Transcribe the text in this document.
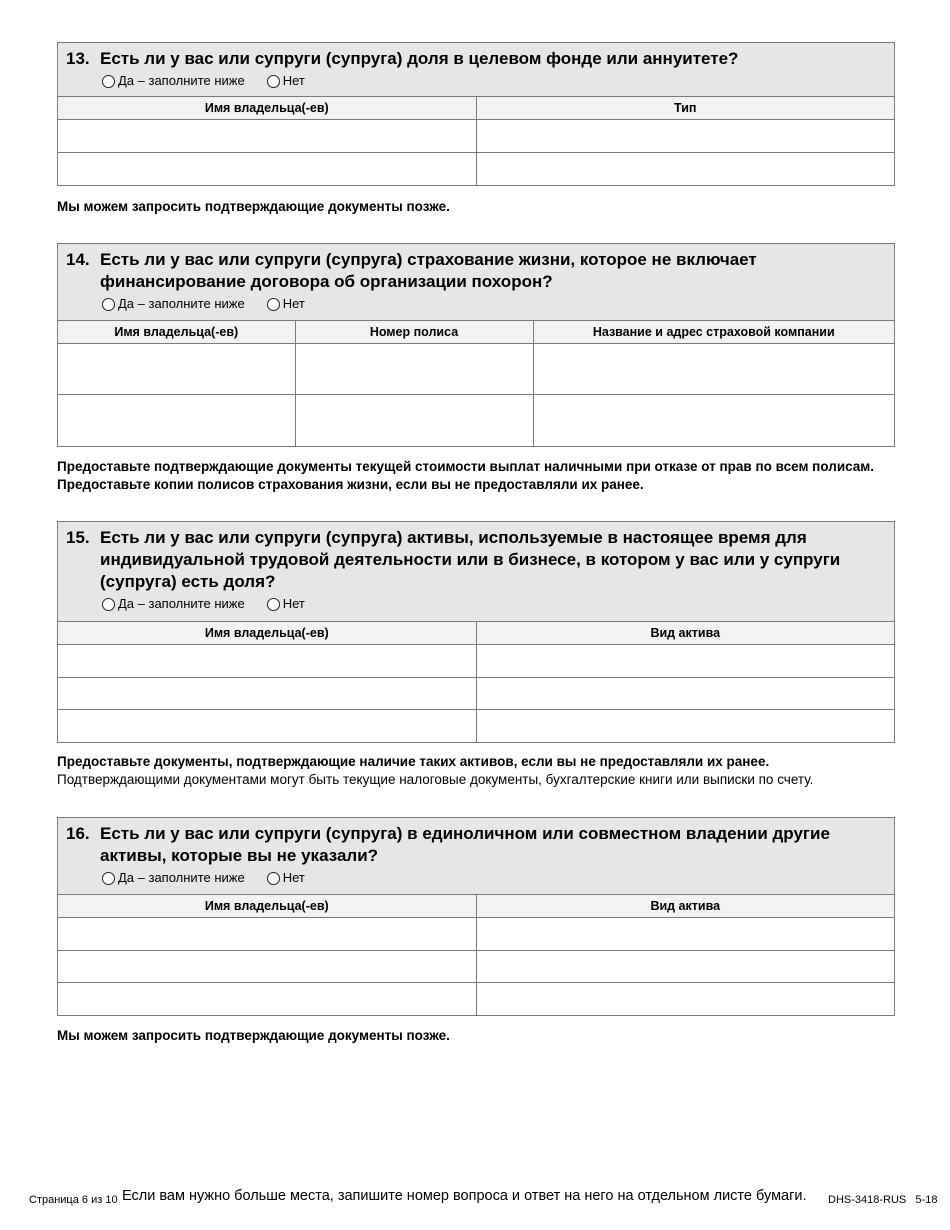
13. Есть ли у вас или супруги (супруга) доля в целевом фонде или аннуитете?
Да – заполните ниже	Нет
Имя владельца(-ев)	Тип

Мы можем запросить подтверждающие документы позже.
14. Есть ли у вас или супруги (супруга) страхование жизни, которое не включает финансирование договора об организации похорон?
Да – заполните ниже	Нет
Имя владельца(-ев)	Номер полиса	Название и адрес страховой компании

Предоставьте подтверждающие документы текущей стоимости выплат наличными при отказе от прав по всем полисам. Предоставьте копии полисов страхования жизни, если вы не предоставляли их ранее.
15. Есть ли у вас или супруги (супруга) активы, используемые в настоящее время для индивидуальной трудовой деятельности или в бизнесе, в котором у вас или у супруги (супруга) есть доля?
Да – заполните ниже	Нет
Имя владельца(-ев)	Вид актива

Предоставьте документы, подтверждающие наличие таких активов, если вы не предоставляли их ранее.
Подтверждающими документами могут быть текущие налоговые документы, бухгалтерские книги или выписки по счету.
16. Есть ли у вас или супруги (супруга) в единоличном или совместном владении другие активы, которые вы не указали?
Да – заполните ниже	Нет
Имя владельца(-ев)	Вид актива

Мы можем запросить подтверждающие документы позже.
Страница 6 из 10 Если вам нужно больше места, запишите номер вопроса и ответ на него на отдельном листе бумаги. DHS-3418-RUS   5-18
